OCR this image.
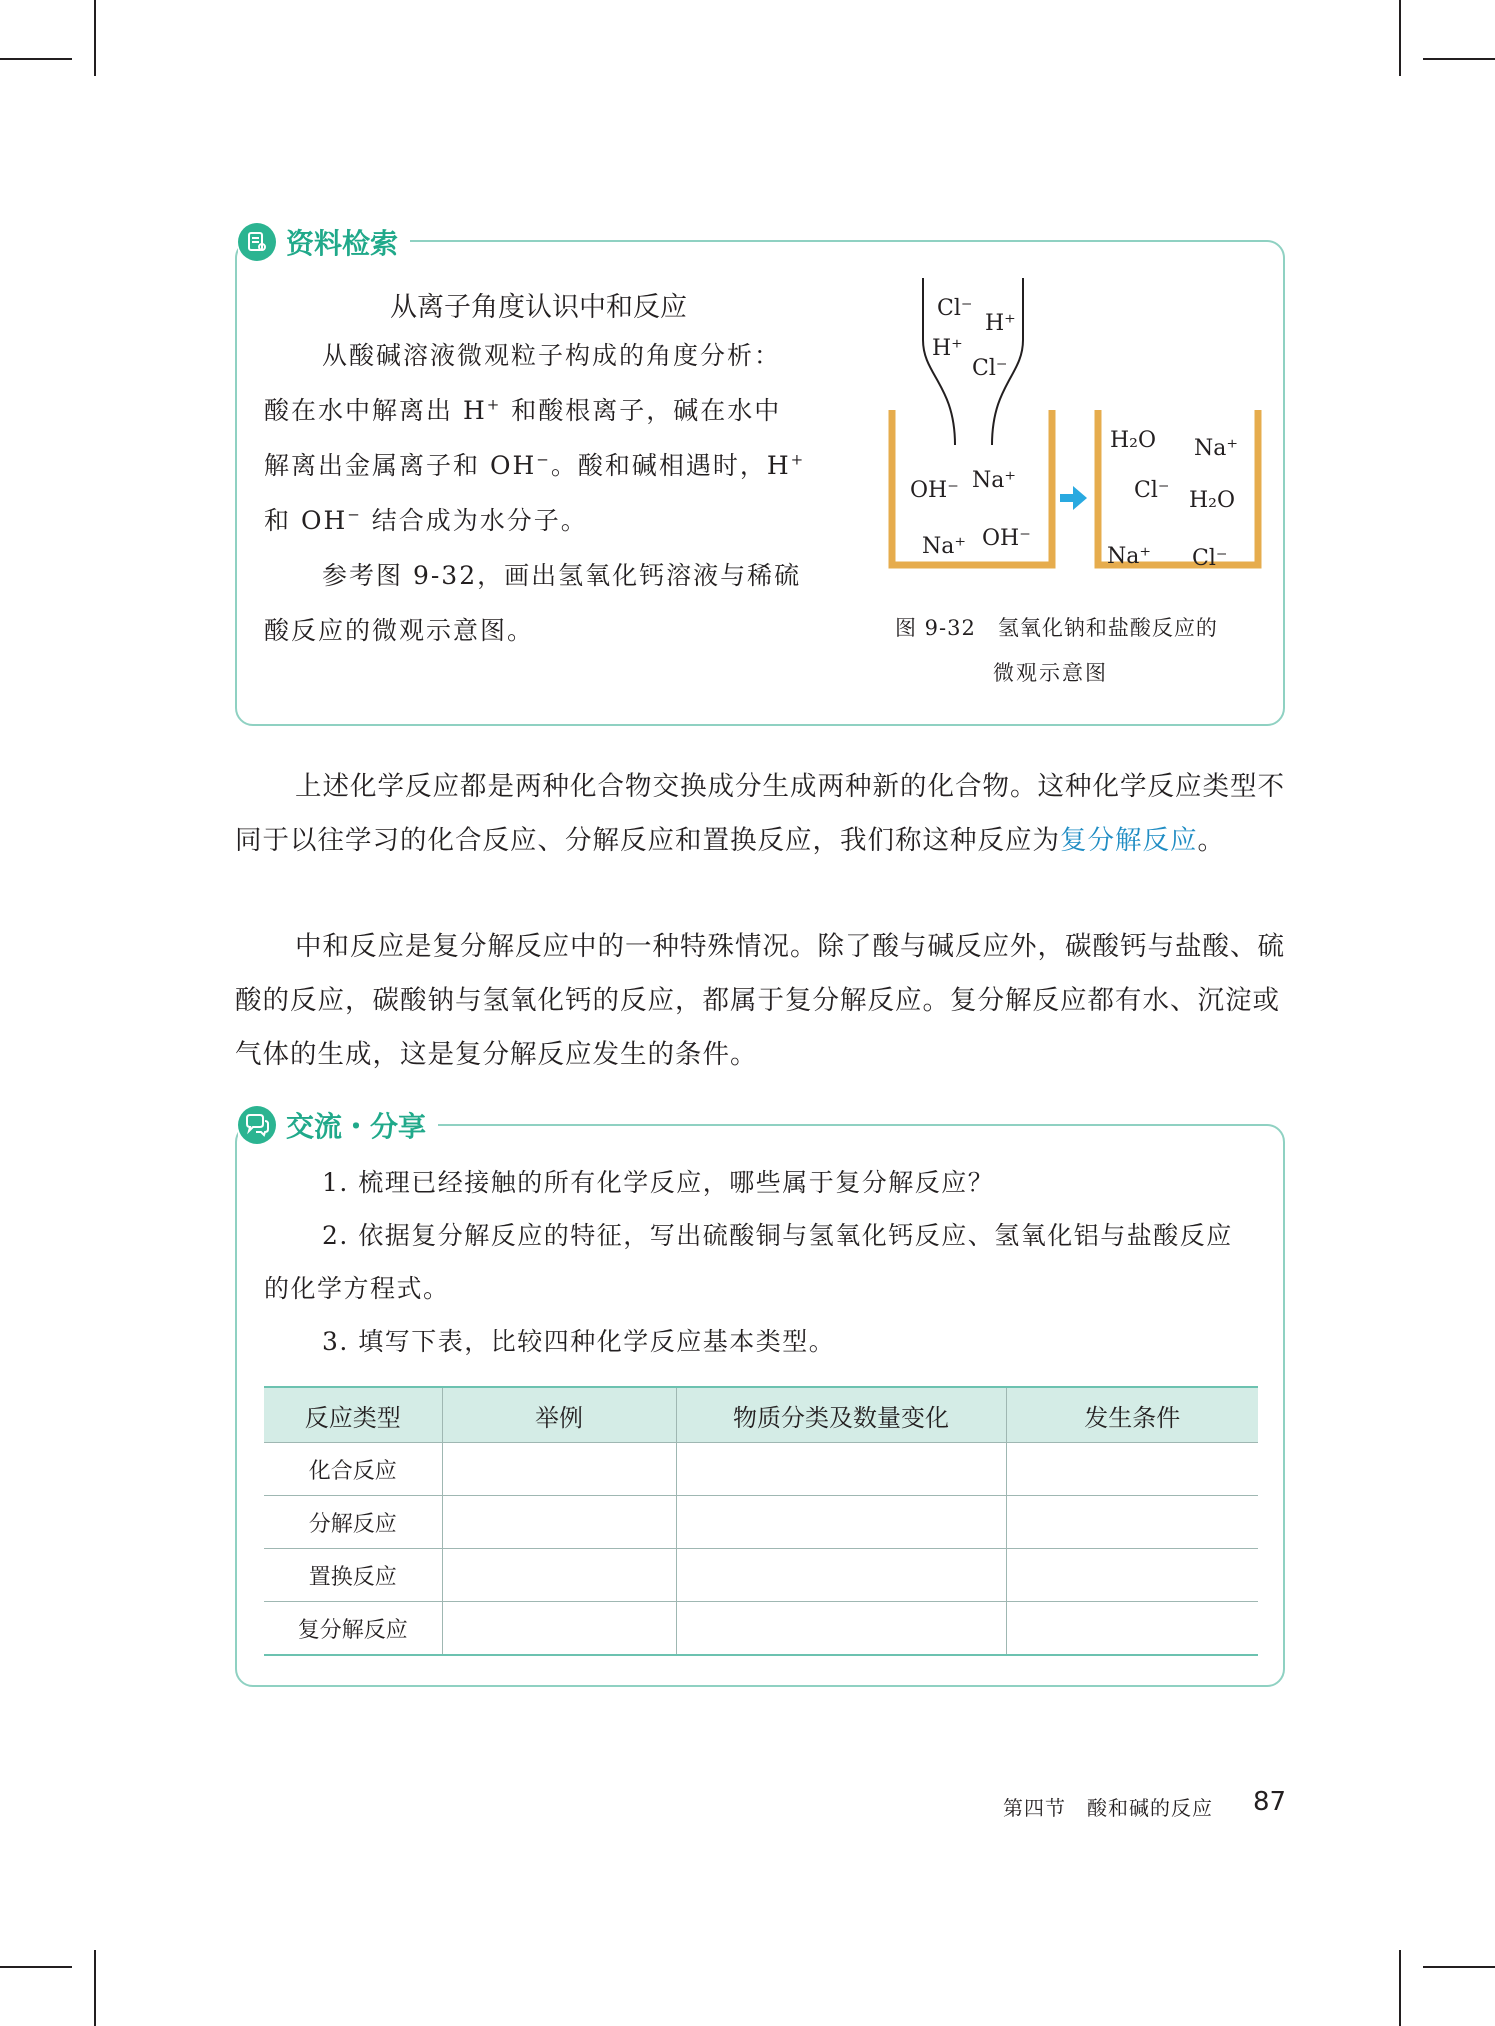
资料检索
从离子角度认识中和反应
从酸碱溶液微观粒子构成的角度分析：
酸在水中解离出 H+ 和酸根离子，碱在水中
解离出金属离子和 OH−。酸和碱相遇时，H+
和 OH− 结合成为水分子。
参考图 9-32，画出氢氧化钙溶液与稀硫
酸反应的微观示意图。
Cl⁻
H⁺
H⁺
Cl⁻
OH⁻ Na⁺
Na⁺ OH⁻
H₂O Na⁺
Cl⁻ H₂O
Na⁺ Cl⁻
图 9-32　氢氧化钠和盐酸反应的
微观示意图
上述化学反应都是两种化合物交换成分生成两种新的化合物。这种化学反应类型不同于以往学习的化合反应、分解反应和置换反应，我们称这种反应为复分解反应。
中和反应是复分解反应中的一种特殊情况。除了酸与碱反应外，碳酸钙与盐酸、硫酸的反应，碳酸钠与氢氧化钙的反应，都属于复分解反应。复分解反应都有水、沉淀或气体的生成，这是复分解反应发生的条件。
交流・分享
1. 梳理已经接触的所有化学反应，哪些属于复分解反应？
2. 依据复分解反应的特征，写出硫酸铜与氢氧化钙反应、氢氧化铝与盐酸反应的化学方程式。
3. 填写下表，比较四种化学反应基本类型。
反应类型	举例	物质分类及数量变化	发生条件
化合反应			
分解反应			
置换反应			
复分解反应			
第四节　酸和碱的反应 87
